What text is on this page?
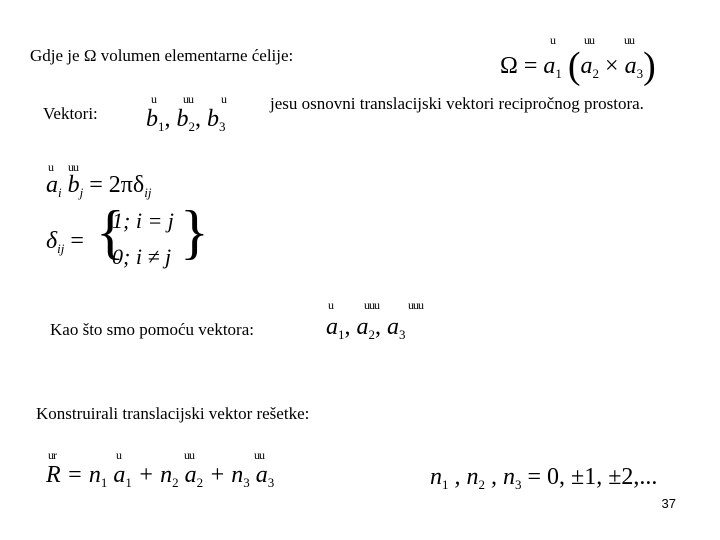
Gdje je Ω volumen elementarne ćelije:	$\Omega = a_1$ $(a_2 \times a_3)$
u uu	uu
Vektori: $b_1$, $b_2$, $b_3$
u uu u	jesu osnovni translacijski vektori recipročnog prostora.
$a_i$ $b_j = 2\pi\delta_{ij}$
u uu
$\delta_{ij}$ = {
1; i = j
0; i ≠ j }
Kao što smo pomoću vektora:	$a_1$, $a_2$, $a_3$
u	uuu uuu
Konstruirali translacijski vektor rešetke:
$R = n_1$ $a_1 + n_2$ $a_2 + n_3$ $a_3$
ur	u	uu	uu
$n_1$ , $n_2$ , $n_3 = 0$, ±1, ±2,...
37
